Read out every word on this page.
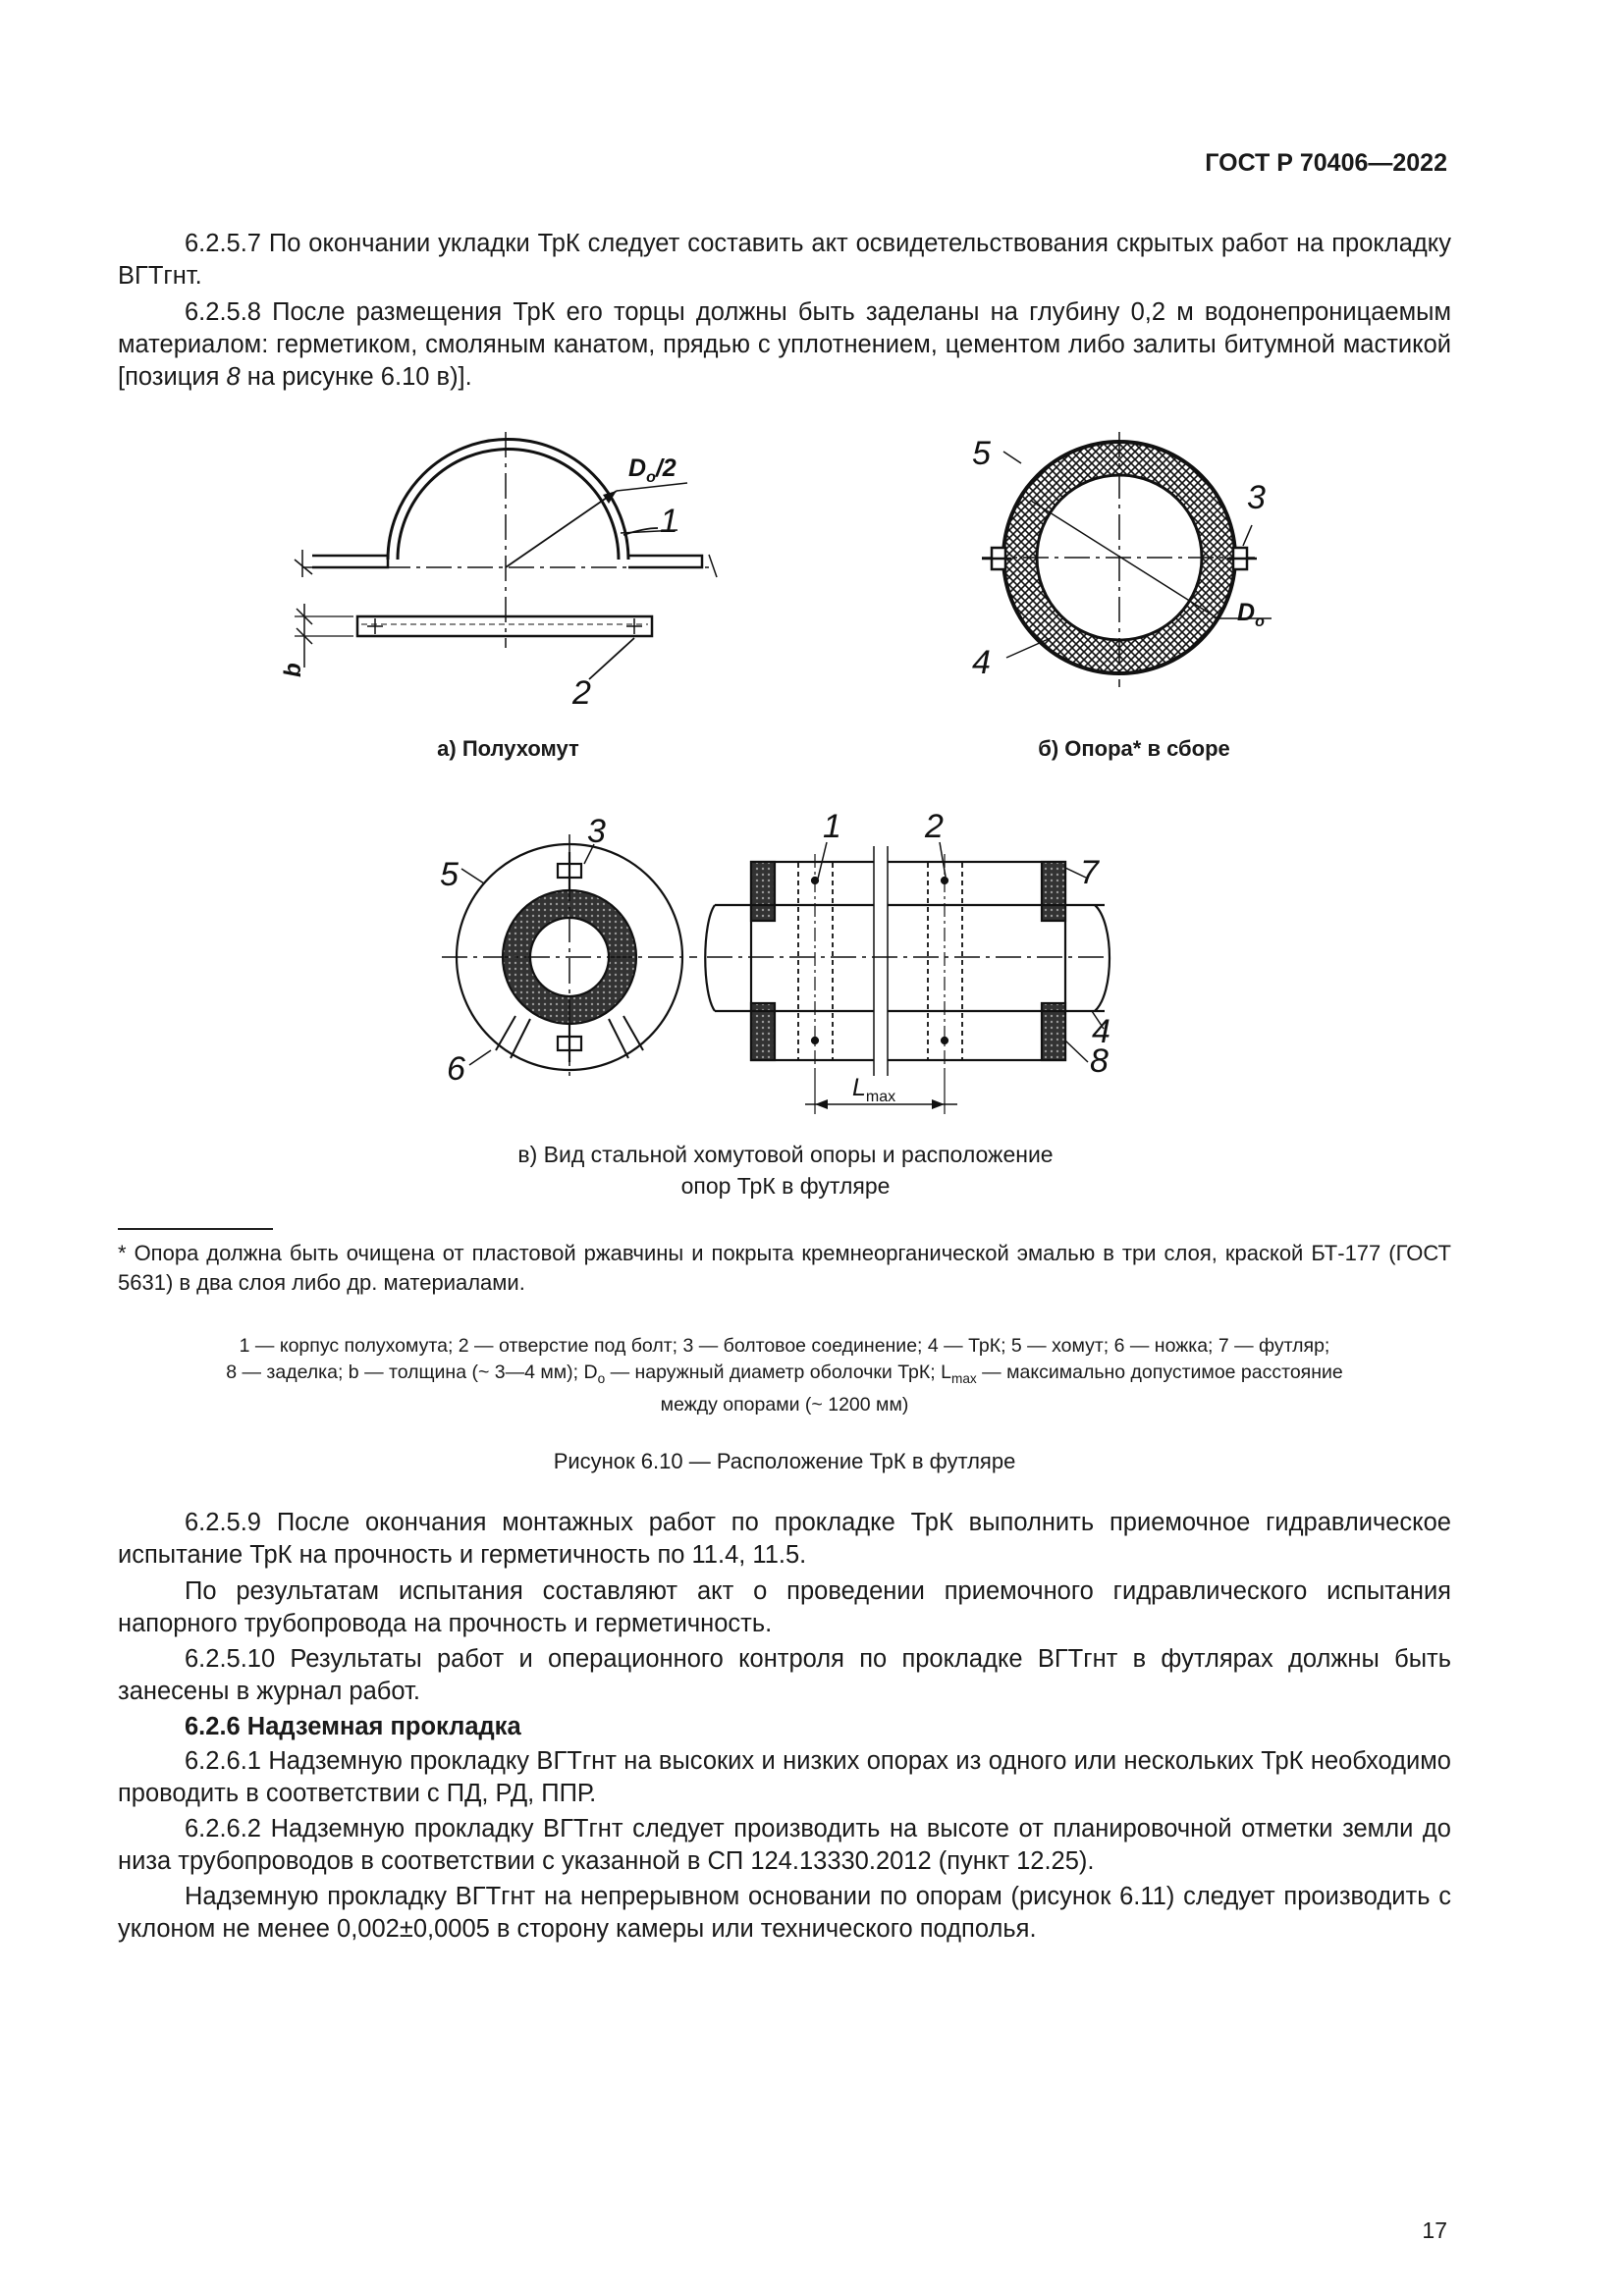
ГОСТ Р 70406—2022

6.2.5.7 По окончании укладки ТрК следует составить акт освидетельствования скрытых работ на прокладку ВГТгнт.

6.2.5.8 После размещения ТрК его торцы должны быть заделаны на глубину 0,2 м водонепроницаемым материалом: герметиком, смоляным канатом, прядью с уплотнением, цементом либо залиты битумной мастикой [позиция 8 на рисунке 6.10 в)].

$D_o/2$
1
2
b
5
3
4
$D_o$
3
5
6
1	2
7
4
8
$L_{max}$
а) Полухомут	б) Опора* в сборе
в) Вид стальной хомутовой опоры и расположение
опор ТрК в футляре

* Опора должна быть очищена от пластовой ржавчины и покрыта кремнеорганической эмалью в три слоя, краской БТ-177 (ГОСТ 5631) в два слоя либо др. материалами.

1 — корпус полухомута; 2 — отверстие под болт; 3 — болтовое соединение; 4 — ТрК; 5 — хомут; 6 — ножка; 7 — футляр;
8 — заделка; b — толщина (~ 3—4 мм); $D_o$ — наружный диаметр оболочки ТрК; $L_{max}$ — максимально допустимое расстояние
между опорами (~ 1200 мм)
Рисунок 6.10 — Расположение ТрК в футляре

6.2.5.9 После окончания монтажных работ по прокладке ТрК выполнить приемочное гидравлическое испытание ТрК на прочность и герметичность по 11.4, 11.5.

По результатам испытания составляют акт о проведении приемочного гидравлического испытания напорного трубопровода на прочность и герметичность.

6.2.5.10 Результаты работ и операционного контроля по прокладке ВГТгнт в футлярах должны быть занесены в журнал работ.

6.2.6 Надземная прокладка

6.2.6.1 Надземную прокладку ВГТгнт на высоких и низких опорах из одного или нескольких ТрК необходимо проводить в соответствии с ПД, РД, ППР.

6.2.6.2 Надземную прокладку ВГТгнт следует производить на высоте от планировочной отметки земли до низа трубопроводов в соответствии с указанной в СП 124.13330.2012 (пункт 12.25).

Надземную прокладку ВГТгнт на непрерывном основании по опорам (рисунок 6.11) следует производить с уклоном не менее 0,002±0,0005 в сторону камеры или технического подполья.

17
